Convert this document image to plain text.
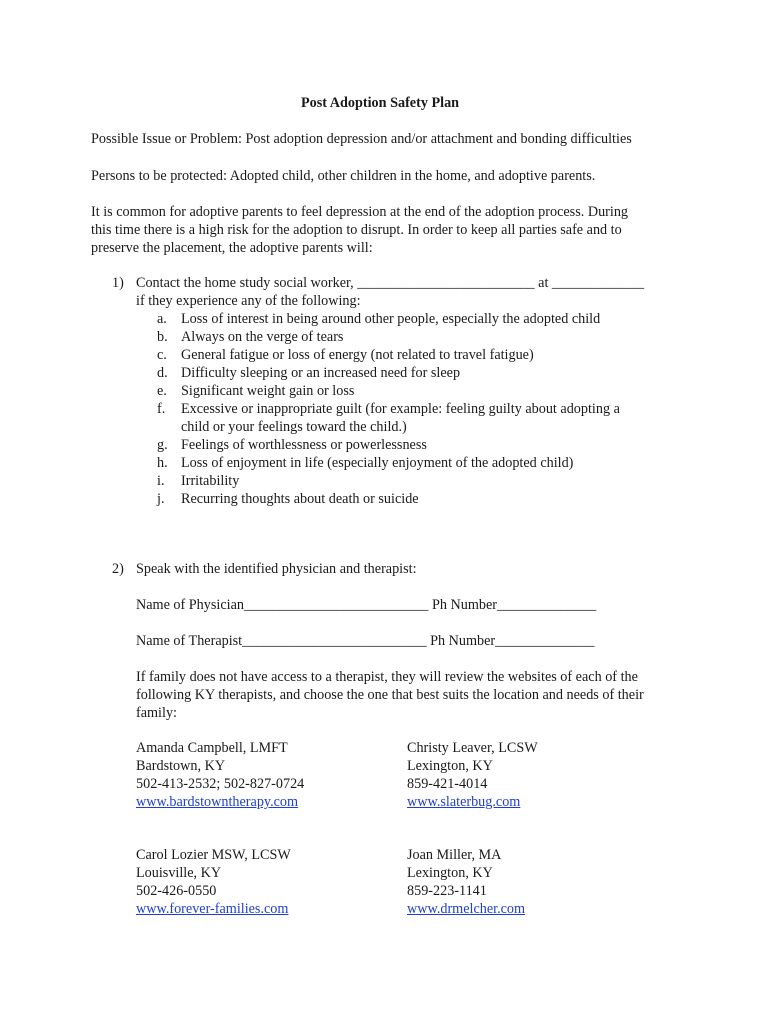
Post Adoption Safety Plan
Possible Issue or Problem: Post adoption depression and/or attachment and bonding difficulties
Persons to be protected: Adopted child, other children in the home, and adoptive parents.
It is common for adoptive parents to feel depression at the end of the adoption process. During
this time there is a high risk for the adoption to disrupt. In order to keep all parties safe and to
preserve the placement, the adoptive parents will:
1) Contact the home study social worker, _________________________ at _____________
if they experience any of the following:
a. Loss of interest in being around other people, especially the adopted child
b. Always on the verge of tears
c. General fatigue or loss of energy (not related to travel fatigue)
d. Difficulty sleeping or an increased need for sleep
e. Significant weight gain or loss
f.	Excessive or inappropriate guilt (for example: feeling guilty about adopting a
child or your feelings toward the child.)
g. Feelings of worthlessness or powerlessness
h. Loss of enjoyment in life (especially enjoyment of the adopted child)
i.	Irritability
j.	Recurring thoughts about death or suicide
2) Speak with the identified physician and therapist:
Name of Physician__________________________ Ph Number______________
Name of Therapist__________________________ Ph Number______________
If family does not have access to a therapist, they will review the websites of each of the
following KY therapists, and choose the one that best suits the location and needs of their
family:
Amanda Campbell, LMFT
Bardstown, KY
502-413-2532; 502-827-0724
www.bardstowntherapy.com
Christy Leaver, LCSW
Lexington, KY
859-421-4014
www.slaterbug.com
Carol Lozier MSW, LCSW
Louisville, KY
502-426-0550
www.forever-families.com
Joan Miller, MA
Lexington, KY
859-223-1141
www.drmelcher.com
